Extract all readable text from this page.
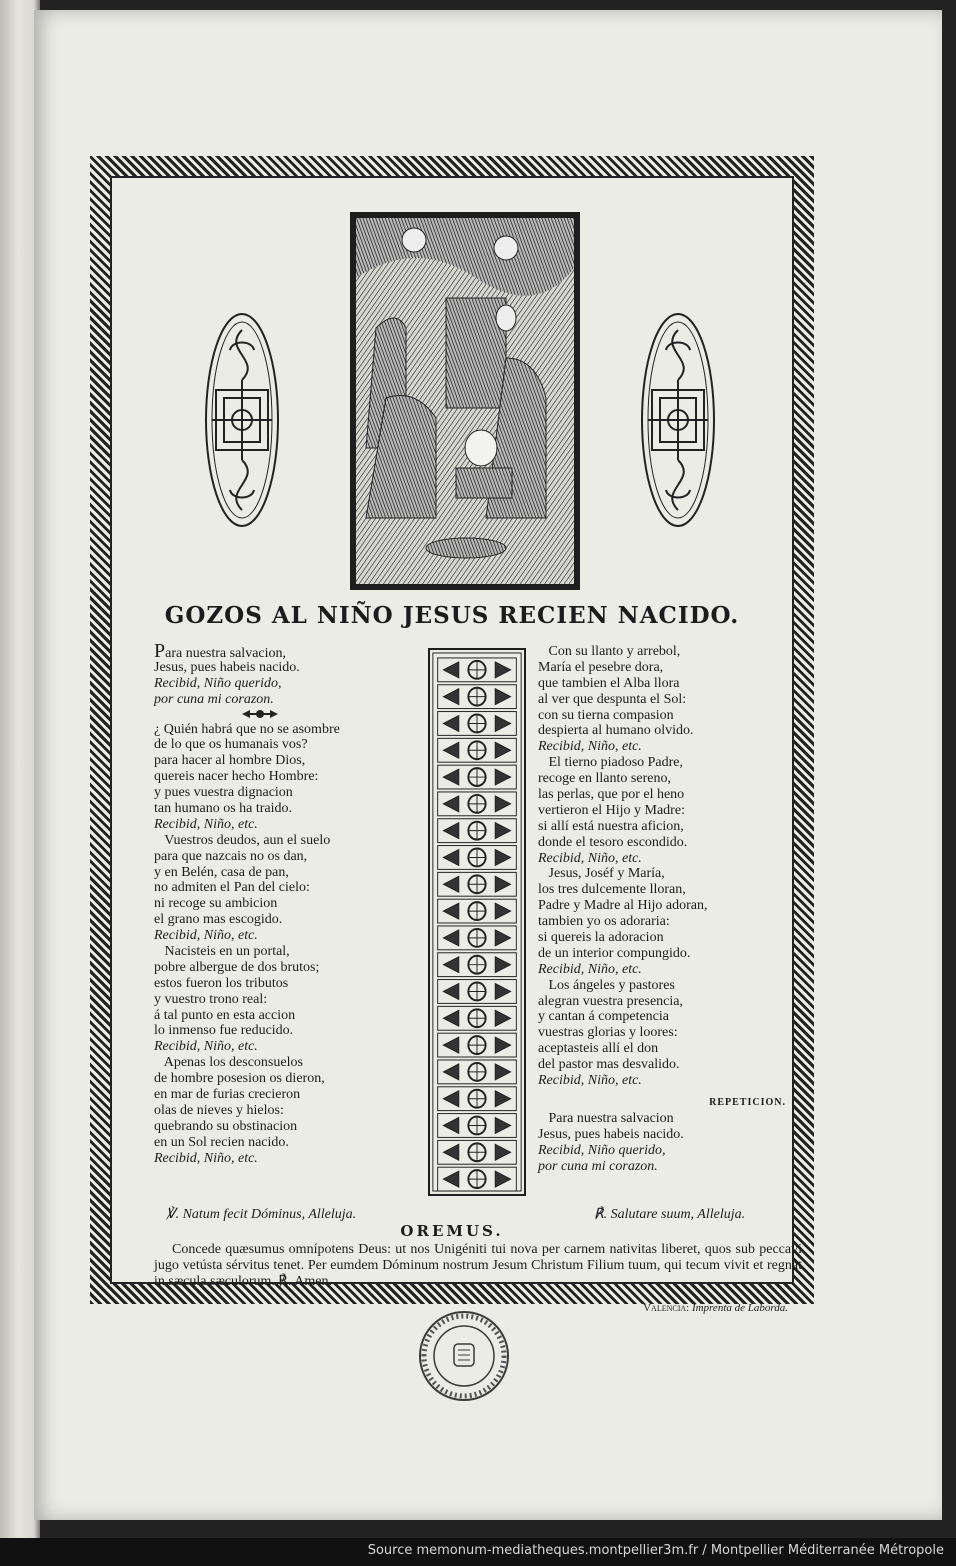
GOZOS AL NIÑO JESUS RECIEN NACIDO.
Para nuestra salvacion,
Jesus, pues habeis nacido.
Recibid, Niño querido,
por cuna mi corazon.
¿ Quién habrá que no se asombre
de lo que os humanais vos?
para hacer al hombre Dios,
quereis nacer hecho Hombre:
y pues vuestra dignacion
tan humano os ha traido.
Recibid, Niño, etc.
Vuestros deudos, aun el suelo
para que nazcais no os dan,
y en Belén, casa de pan,
no admiten el Pan del cielo:
ni recoge su ambicion
el grano mas escogido.
Recibid, Niño, etc.
Nacisteis en un portal,
pobre albergue de dos brutos;
estos fueron los tributos
y vuestro trono real:
á tal punto en esta accion
lo inmenso fue reducido.
Recibid, Niño, etc.
Apenas los desconsuelos
de hombre posesion os dieron,
en mar de furias crecieron
olas de nieves y hielos:
quebrando su obstinacion
en un Sol recien nacido.
Recibid, Niño, etc.
Con su llanto y arrebol,
María el pesebre dora,
que tambien el Alba llora
al ver que despunta el Sol:
con su tierna compasion
despierta al humano olvido.
Recibid, Niño, etc.
El tierno piadoso Padre,
recoge en llanto sereno,
las perlas, que por el heno
vertieron el Hijo y Madre:
si allí está nuestra aficion,
donde el tesoro escondido.
Recibid, Niño, etc.
Jesus, Joséf y María,
los tres dulcemente lloran,
Padre y Madre al Hijo adoran,
tambien yo os adoraria:
si quereis la adoracion
de un interior compungido.
Recibid, Niño, etc.
Los ángeles y pastores
alegran vuestra presencia,
y cantan á competencia
vuestras glorias y loores:
aceptasteis allí el don
del pastor mas desvalido.
Recibid, Niño, etc.
REPETICION.
Para nuestra salvacion
Jesus, pues habeis nacido.
Recibid, Niño querido,
por cuna mi corazon.
℣. Natum fecit Dóminus, Alleluja.	℟. Salutare suum, Alleluja.
OREMUS.
Concede quæsumus omnípotens Deus: ut nos Unigéniti tui nova per carnem nativitas liberet, quos sub peccavi jugo vetústa sérvitus tenet. Per eumdem Dóminum nostrum Jesum Christum Filium tuum, qui tecum vivit et regnat in sæcula sæculorum. ℟. Amen.
Valencia: Imprenta de Laborda.
Source memonum-mediatheques.montpellier3m.fr / Montpellier Méditerranée Métropole
